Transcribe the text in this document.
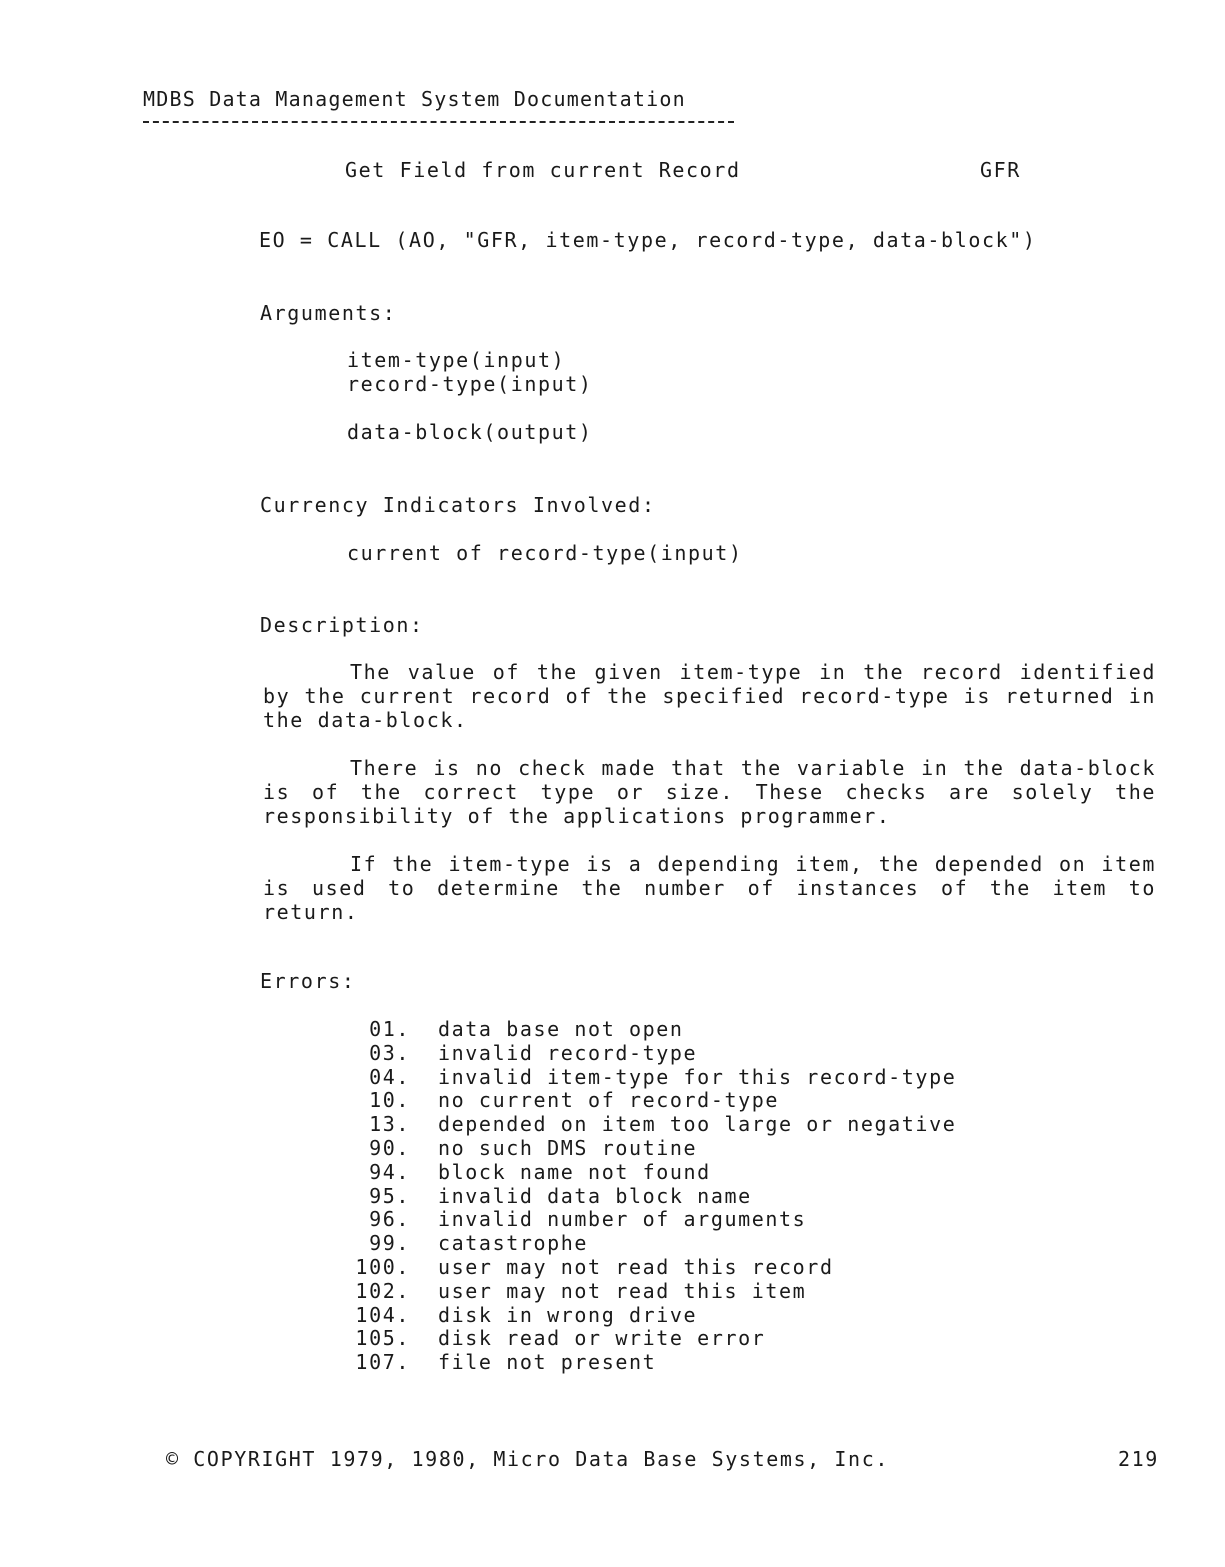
MDBS Data Management System Documentation
Get Field from current Record	GFR
EO = CALL (AO, "GFR, item-type, record-type, data-block")
Arguments:
item-type(input)
record-type(input)
data-block(output)
Currency Indicators Involved:
current of record-type(input)
Description:
The value of the given item-type in the record identified by the current record of the specified record-type is returned in the data-block.
There is no check made that the variable in the data-block is of the correct type or size. These checks are solely the responsibility of the applications programmer.
If the item-type is a depending item, the depended on item is used to determine the number of instances of the item to return.
Errors:
01. data base not open
03. invalid record-type
04. invalid item-type for this record-type
10. no current of record-type
13. depended on item too large or negative
90. no such DMS routine
94. block name not found
95. invalid data block name
96. invalid number of arguments
99. catastrophe
100. user may not read this record
102. user may not read this item
104. disk in wrong drive
105. disk read or write error
107. file not present
© COPYRIGHT 1979, 1980, Micro Data Base Systems, Inc.	219
